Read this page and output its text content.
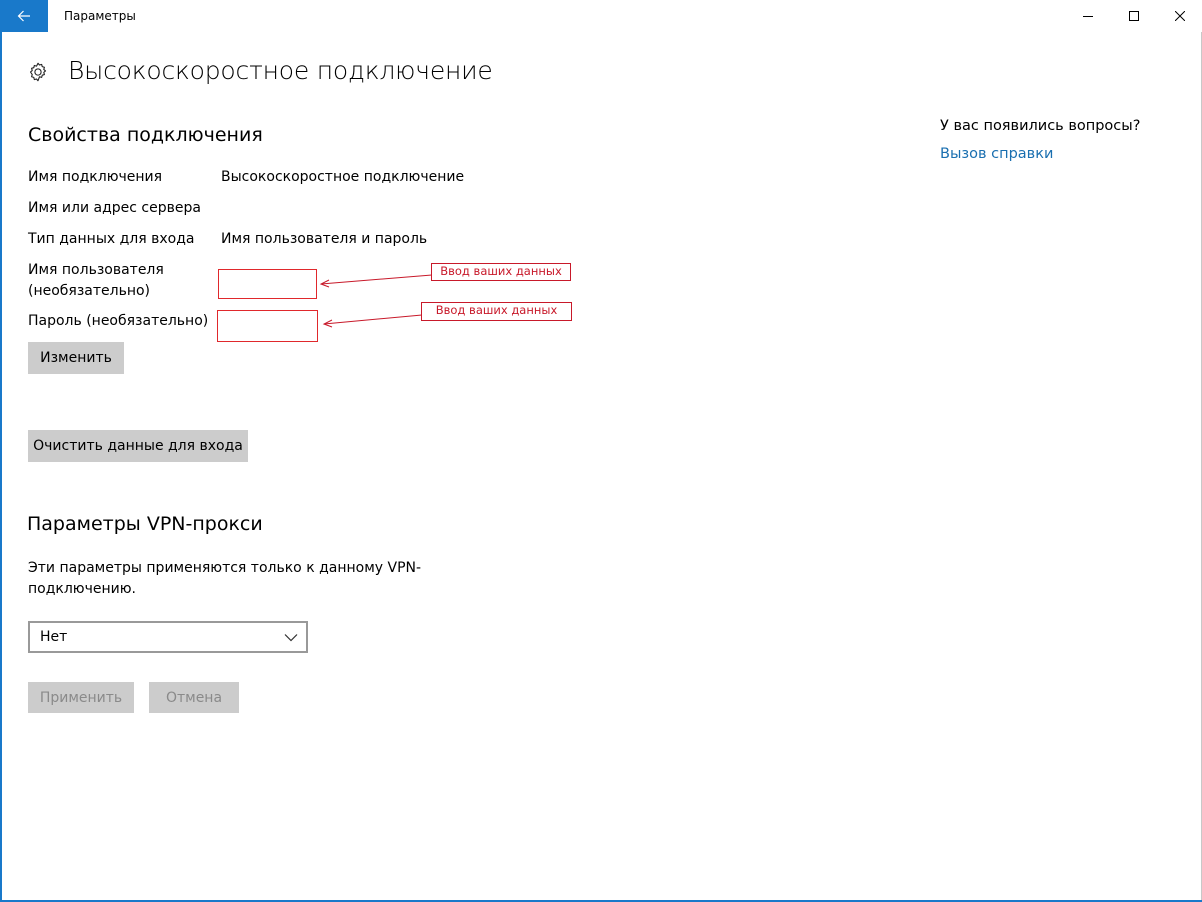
Параметры
Высокоскоростное подключение
Свойства подключения
Имя подключения	Высокоскоростное подключение
Имя или адрес сервера
Тип данных для входа Имя пользователя и пароль
Имя пользователя
(необязательно)
Пароль (необязательно)
Ввод ваших данных
Ввод ваших данных
Изменить
Очистить данные для входа
Параметры VPN-прокси
Эти параметры применяются только к данному VPN-
подключению.
Нет
Применить	Отмена
У вас появились вопросы?
Вызов справки
